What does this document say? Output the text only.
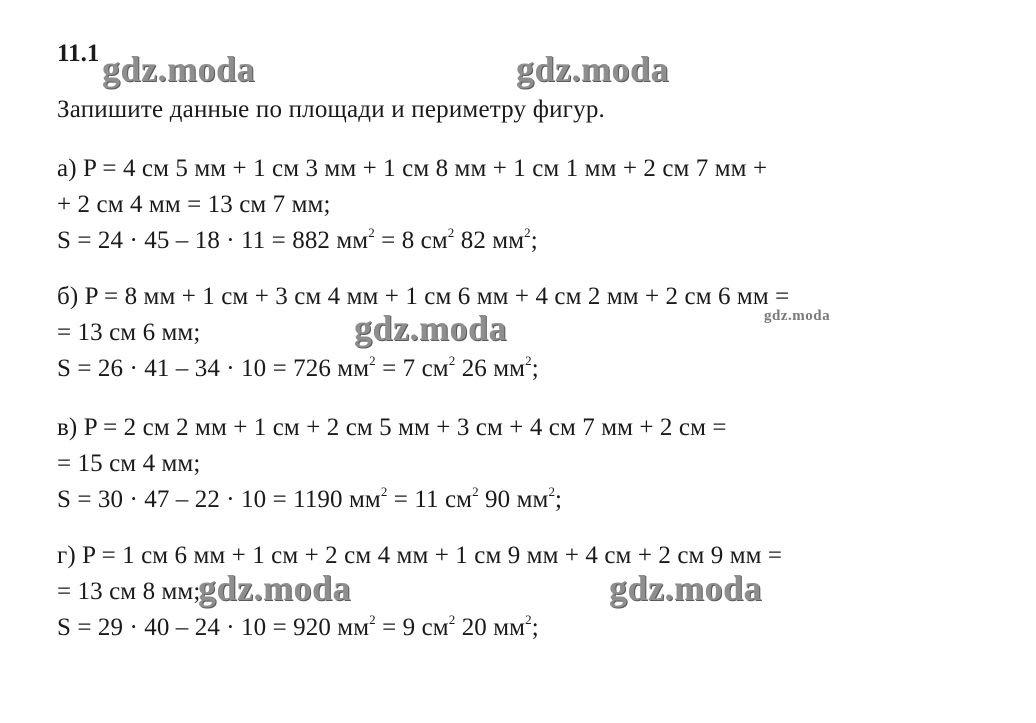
11.1
Запишите данные по площади и периметру фигур.
а) P = 4 см 5 мм + 1 см 3 мм + 1 см 8 мм + 1 см 1 мм + 2 см 7 мм +
+ 2 см 4 мм = 13 см 7 мм;
S = 24 · 45 – 18 · 11 = 882 $мм^2 = 8$ $см^2$ 82 $мм^2$;
б) P = 8 мм + 1 см + 3 см 4 мм + 1 см 6 мм + 4 см 2 мм + 2 см 6 мм =
= 13 см 6 мм;
S = 26 · 41 – 34 · 10 = 726 $мм^2 = 7$ $см^2$ 26 $мм^2$;
в) P = 2 см 2 мм + 1 см + 2 см 5 мм + 3 см + 4 см 7 мм + 2 см =
= 15 см 4 мм;
S = 30 · 47 – 22 · 10 = 1190 $мм^2 = 11$ $см^2$ 90 $мм^2$;
г) P = 1 см 6 мм + 1 см + 2 см 4 мм + 1 см 9 мм + 4 см + 2 см 9 мм =
= 13 см 8 мм;
S = 29 · 40 – 24 · 10 = 920 $мм^2 = 9$ $см^2$ 20 $мм^2$;
gdz.moda	gdz.moda
gdz.moda	gdz.moda
gdz.moda	gdz.moda
